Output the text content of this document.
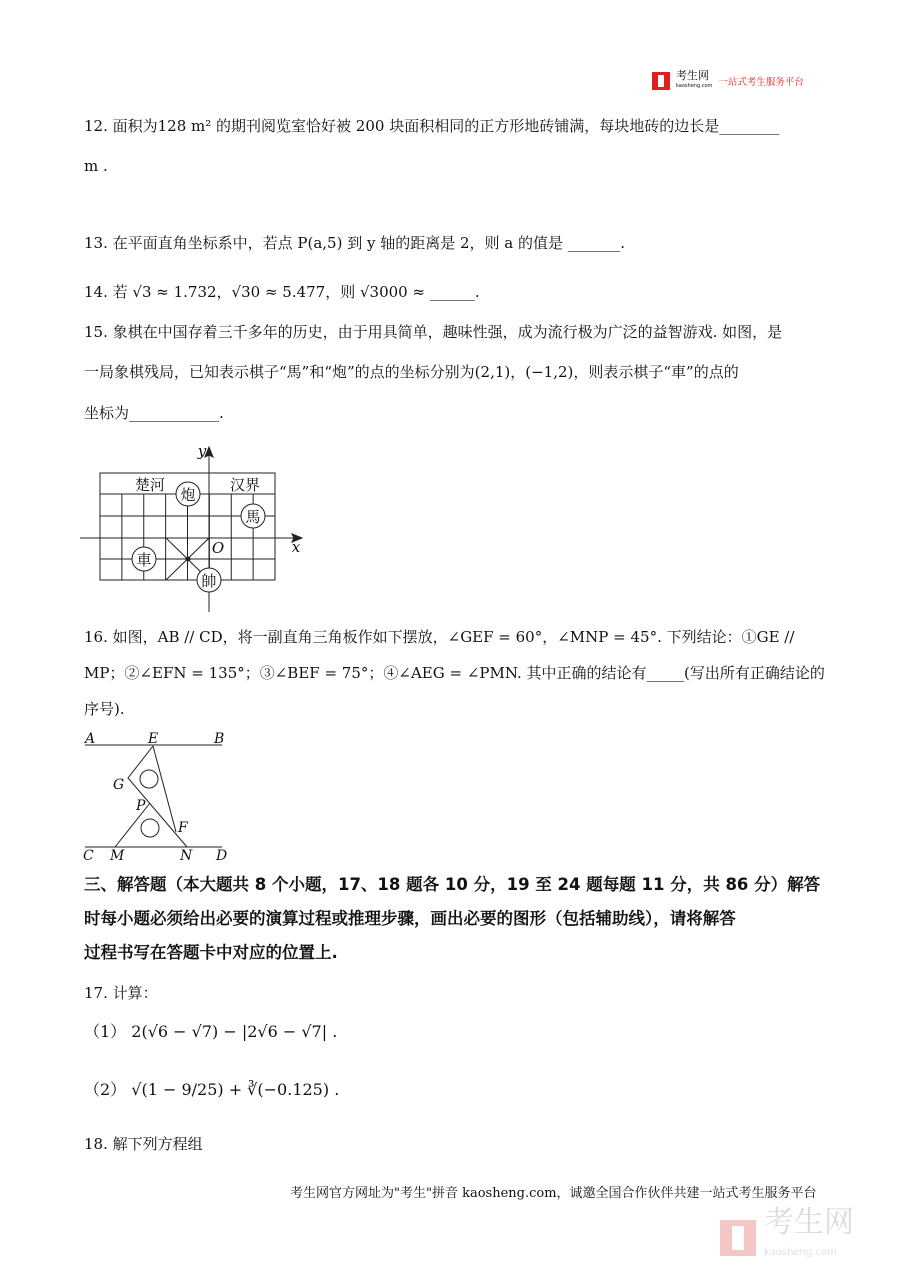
考生网
kaosheng.com 一站式考生服务平台
12. 面积为128 m² 的期刊阅览室恰好被 200 块面积相同的正方形地砖铺满，每块地砖的边长是________
m .
13. 在平面直角坐标系中，若点 P(a,5) 到 y 轴的距离是 2，则 a 的值是 _______.
14. 若 √3 ≈ 1.732，√30 ≈ 5.477，则 √3000 ≈ ______.
15. 象棋在中国存着三千多年的历史，由于用具简单，趣味性强，成为流行极为广泛的益智游戏. 如图，是
一局象棋残局，已知表示棋子“馬”和“炮”的点的坐标分别为(2,1)，(−1,2)，则表示棋子“車”的点的
坐标为____________.
楚河	汉界
炮
馬
車
帥
O	x
y
A	E	B
G
P
F
C M	N D
16. 如图，AB // CD，将一副直角三角板作如下摆放，∠GEF = 60°，∠MNP = 45°. 下列结论：①GE //
MP；②∠EFN = 135°；③∠BEF = 75°；④∠AEG = ∠PMN. 其中正确的结论有_____(写出所有正确结论的
序号).
三、解答题（本大题共 8 个小题，17、18 题各 10 分，19 至 24 题每题 11 分，共 86 分）解答
时每小题必须给出必要的演算过程或推理步骤，画出必要的图形（包括辅助线），请将解答
过程书写在答题卡中对应的位置上.
17. 计算：
（1） 2(√6 − √7) − |2√6 − √7| .
（2） √(1 − 9/25) + ∛(−0.125) .
18. 解下列方程组
考生网官方网址为"考生"拼音 kaosheng.com，诚邀全国合作伙伴共建一站式考生服务平台
考生网
kaosheng.com
